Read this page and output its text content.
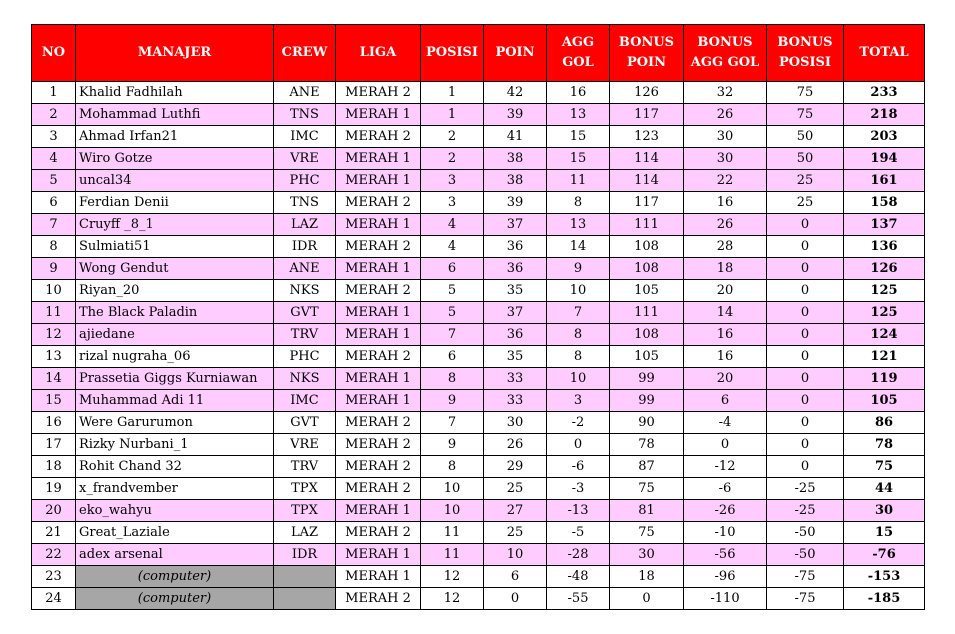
NO	MANAJER	CREW	LIGA	POSISI	POIN	AGG GOL	BONUS POIN	BONUS AGG GOL	BONUS POSISI	TOTAL
1	Khalid Fadhilah	ANE	MERAH 2	1	42	16	126	32	75	233
2	Mohammad Luthfi	TNS	MERAH 1	1	39	13	117	26	75	218
3	Ahmad Irfan21	IMC	MERAH 2	2	41	15	123	30	50	203
4	Wiro Gotze	VRE	MERAH 1	2	38	15	114	30	50	194
5	uncal34	PHC	MERAH 1	3	38	11	114	22	25	161
6	Ferdian Denii	TNS	MERAH 2	3	39	8	117	16	25	158
7	Cruyff _8_1	LAZ	MERAH 1	4	37	13	111	26	0	137
8	Sulmiati51	IDR	MERAH 2	4	36	14	108	28	0	136
9	Wong Gendut	ANE	MERAH 1	6	36	9	108	18	0	126
10	Riyan_20	NKS	MERAH 2	5	35	10	105	20	0	125
11	The Black Paladin	GVT	MERAH 1	5	37	7	111	14	0	125
12	ajiedane	TRV	MERAH 1	7	36	8	108	16	0	124
13	rizal nugraha_06	PHC	MERAH 2	6	35	8	105	16	0	121
14	Prassetia Giggs Kurniawan	NKS	MERAH 1	8	33	10	99	20	0	119
15	Muhammad Adi 11	IMC	MERAH 1	9	33	3	99	6	0	105
16	Were Garurumon	GVT	MERAH 2	7	30	-2	90	-4	0	86
17	Rizky Nurbani_1	VRE	MERAH 2	9	26	0	78	0	0	78
18	Rohit Chand 32	TRV	MERAH 2	8	29	-6	87	-12	0	75
19	x_frandvember	TPX	MERAH 2	10	25	-3	75	-6	-25	44
20	eko_wahyu	TPX	MERAH 1	10	27	-13	81	-26	-25	30
21	Great_Laziale	LAZ	MERAH 2	11	25	-5	75	-10	-50	15
22	adex arsenal	IDR	MERAH 1	11	10	-28	30	-56	-50	-76
23	(computer)		MERAH 1	12	6	-48	18	-96	-75	-153
24	(computer)		MERAH 2	12	0	-55	0	-110	-75	-185
